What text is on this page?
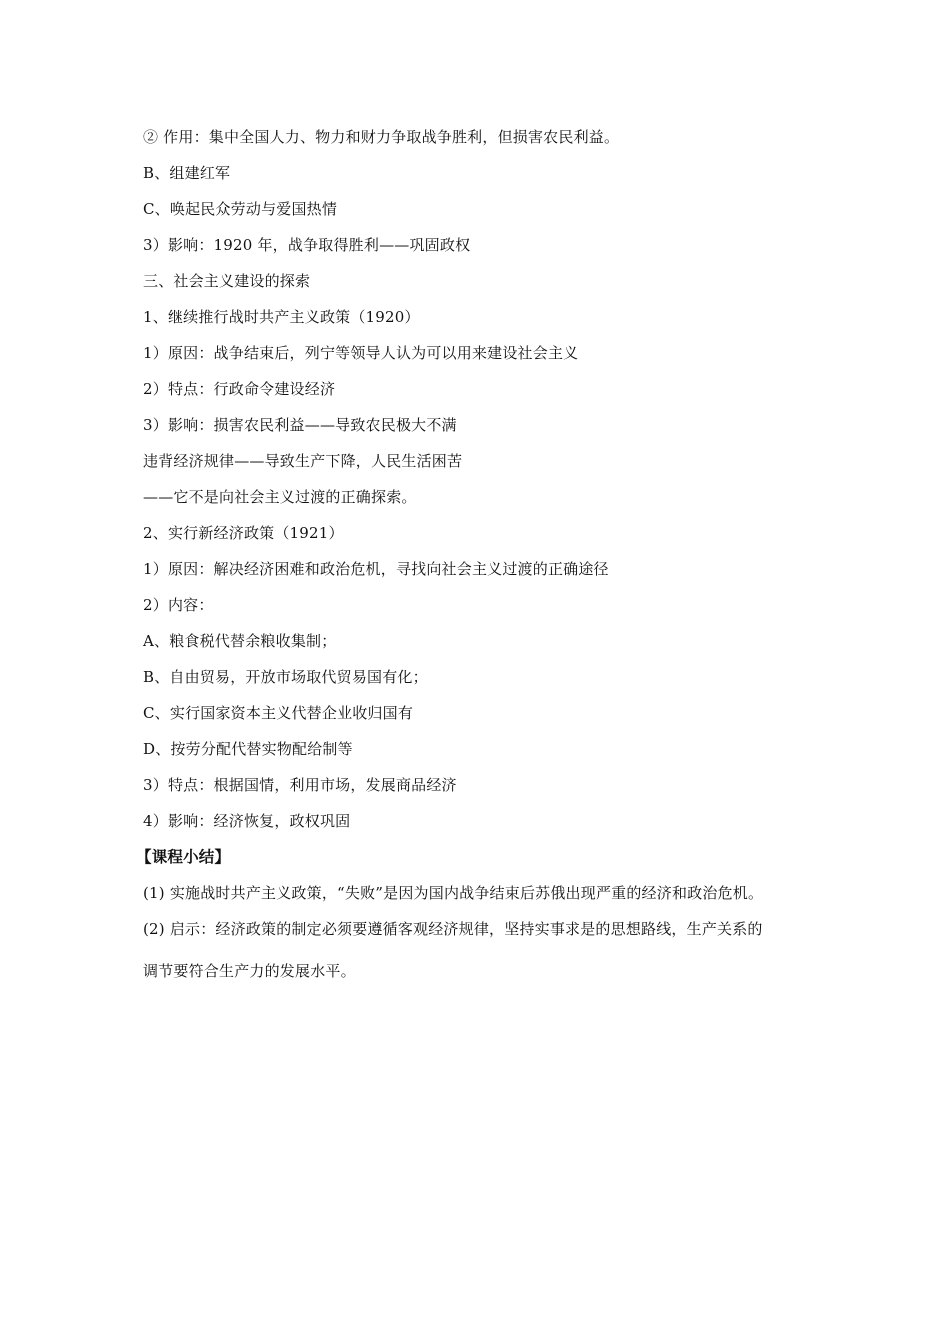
② 作用：集中全国人力、物力和财力争取战争胜利，但损害农民利益。
B、组建红军
C、唤起民众劳动与爱国热情
3）影响：1920 年，战争取得胜利——巩固政权
三、社会主义建设的探索
1、继续推行战时共产主义政策（1920）
1）原因：战争结束后，列宁等领导人认为可以用来建设社会主义
2）特点：行政命令建设经济
3）影响：损害农民利益——导致农民极大不满
违背经济规律——导致生产下降，人民生活困苦
——它不是向社会主义过渡的正确探索。
2、实行新经济政策（1921）
1）原因：解决经济困难和政治危机，寻找向社会主义过渡的正确途径
2）内容：
A、粮食税代替余粮收集制；
B、自由贸易，开放市场取代贸易国有化；
C、实行国家资本主义代替企业收归国有
D、按劳分配代替实物配给制等
3）特点：根据国情，利用市场，发展商品经济
4）影响：经济恢复，政权巩固
【课程小结】
(1) 实施战时共产主义政策，“失败”是因为国内战争结束后苏俄出现严重的经济和政治危机。
(2) 启示：经济政策的制定必须要遵循客观经济规律，坚持实事求是的思想路线，生产关系的
调节要符合生产力的发展水平。
